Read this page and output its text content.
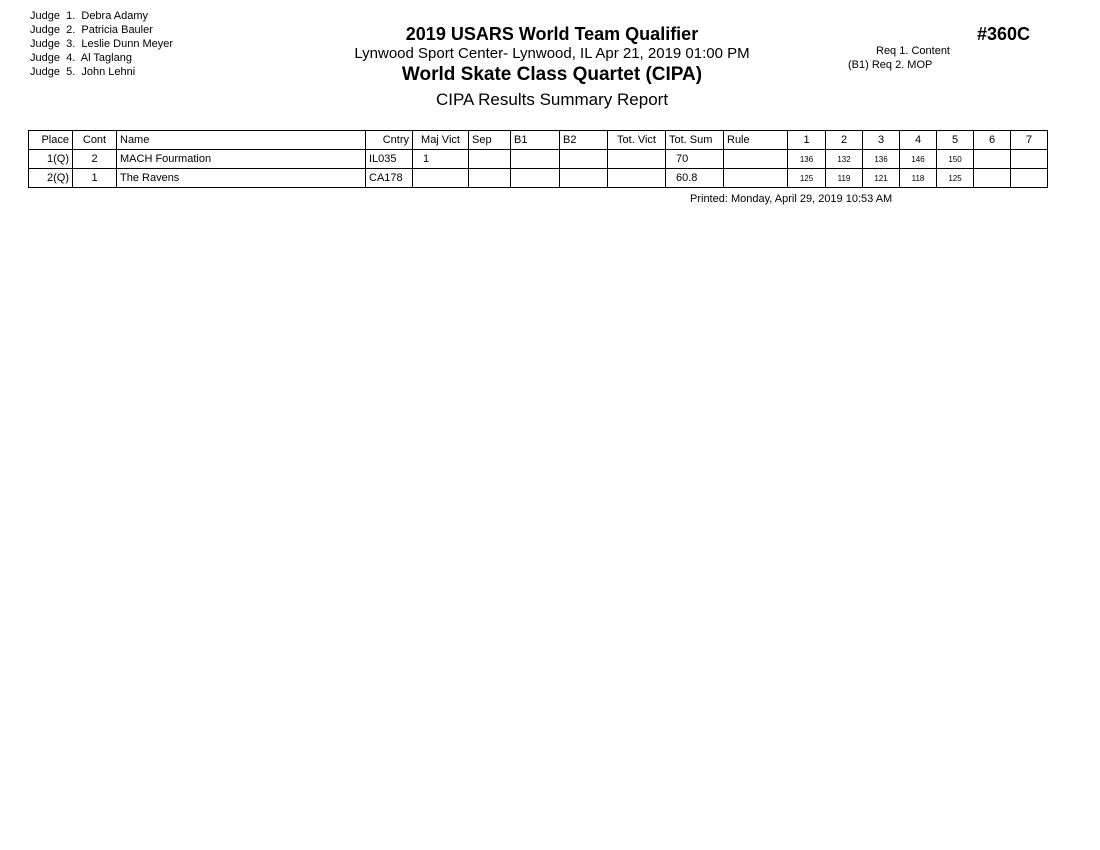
Judge  1.  Debra Adamy
Judge  2.  Patricia Bauler
Judge  3.  Leslie Dunn Meyer
Judge  4.  Al Taglang
Judge  5.  John Lehni
2019 USARS World Team Qualifier
Lynwood Sport Center- Lynwood, IL Apr 21, 2019 01:00 PM
World Skate Class Quartet (CIPA)
CIPA Results Summary Report
#360C
Req 1. Content
(B1) Req 2. MOP
Place	Cont	Name	Cntry	Maj Vict	Sep	B1	B2	Tot. Vict	Tot. Sum	Rule	1	2	3	4	5	6	7
1(Q)	2	MACH Fourmation	IL035	1					70		136	132	136	146	150		
2(Q)	1	The Ravens	CA178						60.8		125	119	121	118	125		
Printed: Monday, April 29, 2019 10:53 AM
